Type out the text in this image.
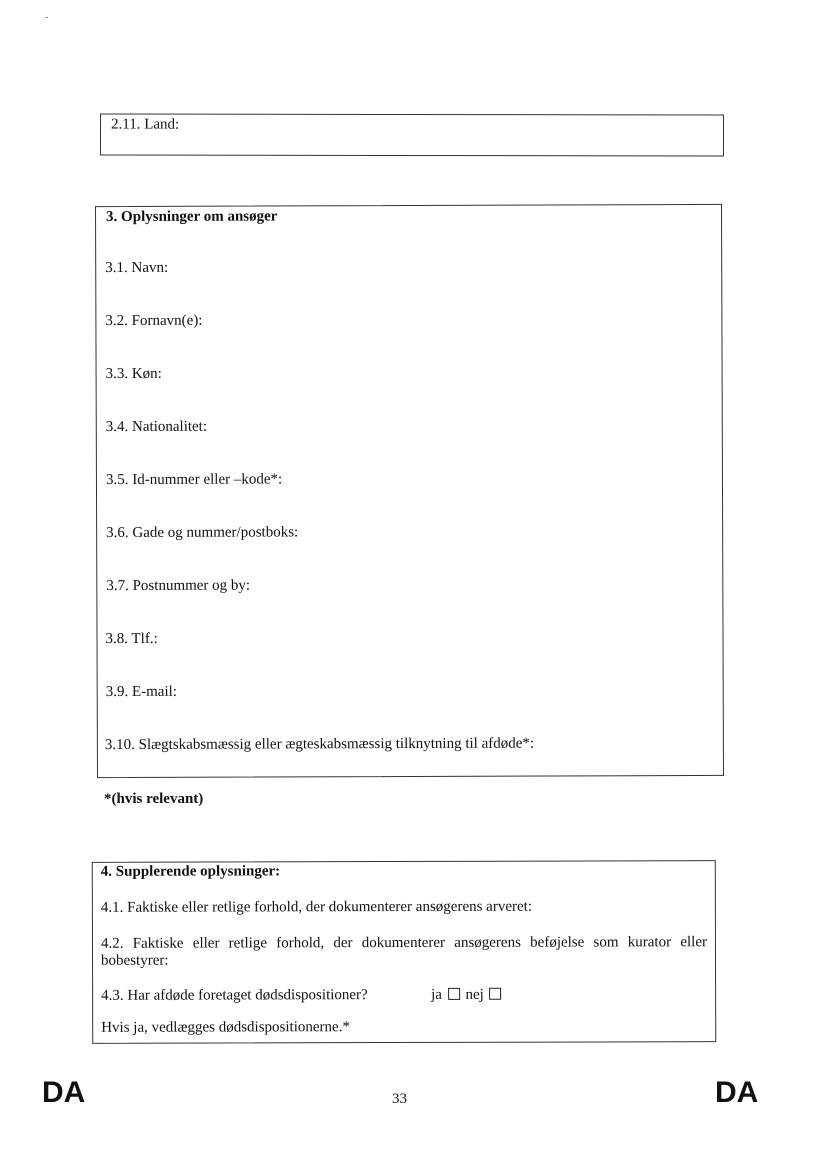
2.11. Land:
3. Oplysninger om ansøger
3.1. Navn:
3.2. Fornavn(e):
3.3. Køn:
3.4. Nationalitet:
3.5. Id-nummer eller –kode*:
3.6. Gade og nummer/postboks:
3.7. Postnummer og by:
3.8. Tlf.:
3.9. E-mail:
3.10. Slægtskabsmæssig eller ægteskabsmæssig tilknytning til afdøde*:
*(hvis relevant)
4. Supplerende oplysninger:
4.1. Faktiske eller retlige forhold, der dokumenterer ansøgerens arveret:
4.2. Faktiske eller retlige forhold, der dokumenterer ansøgerens beføjelse som kurator eller bobestyrer:
4.3. Har afdøde foretaget dødsdispositioner?	ja nej
Hvis ja, vedlægges dødsdispositionerne.*
DA	33	DA
